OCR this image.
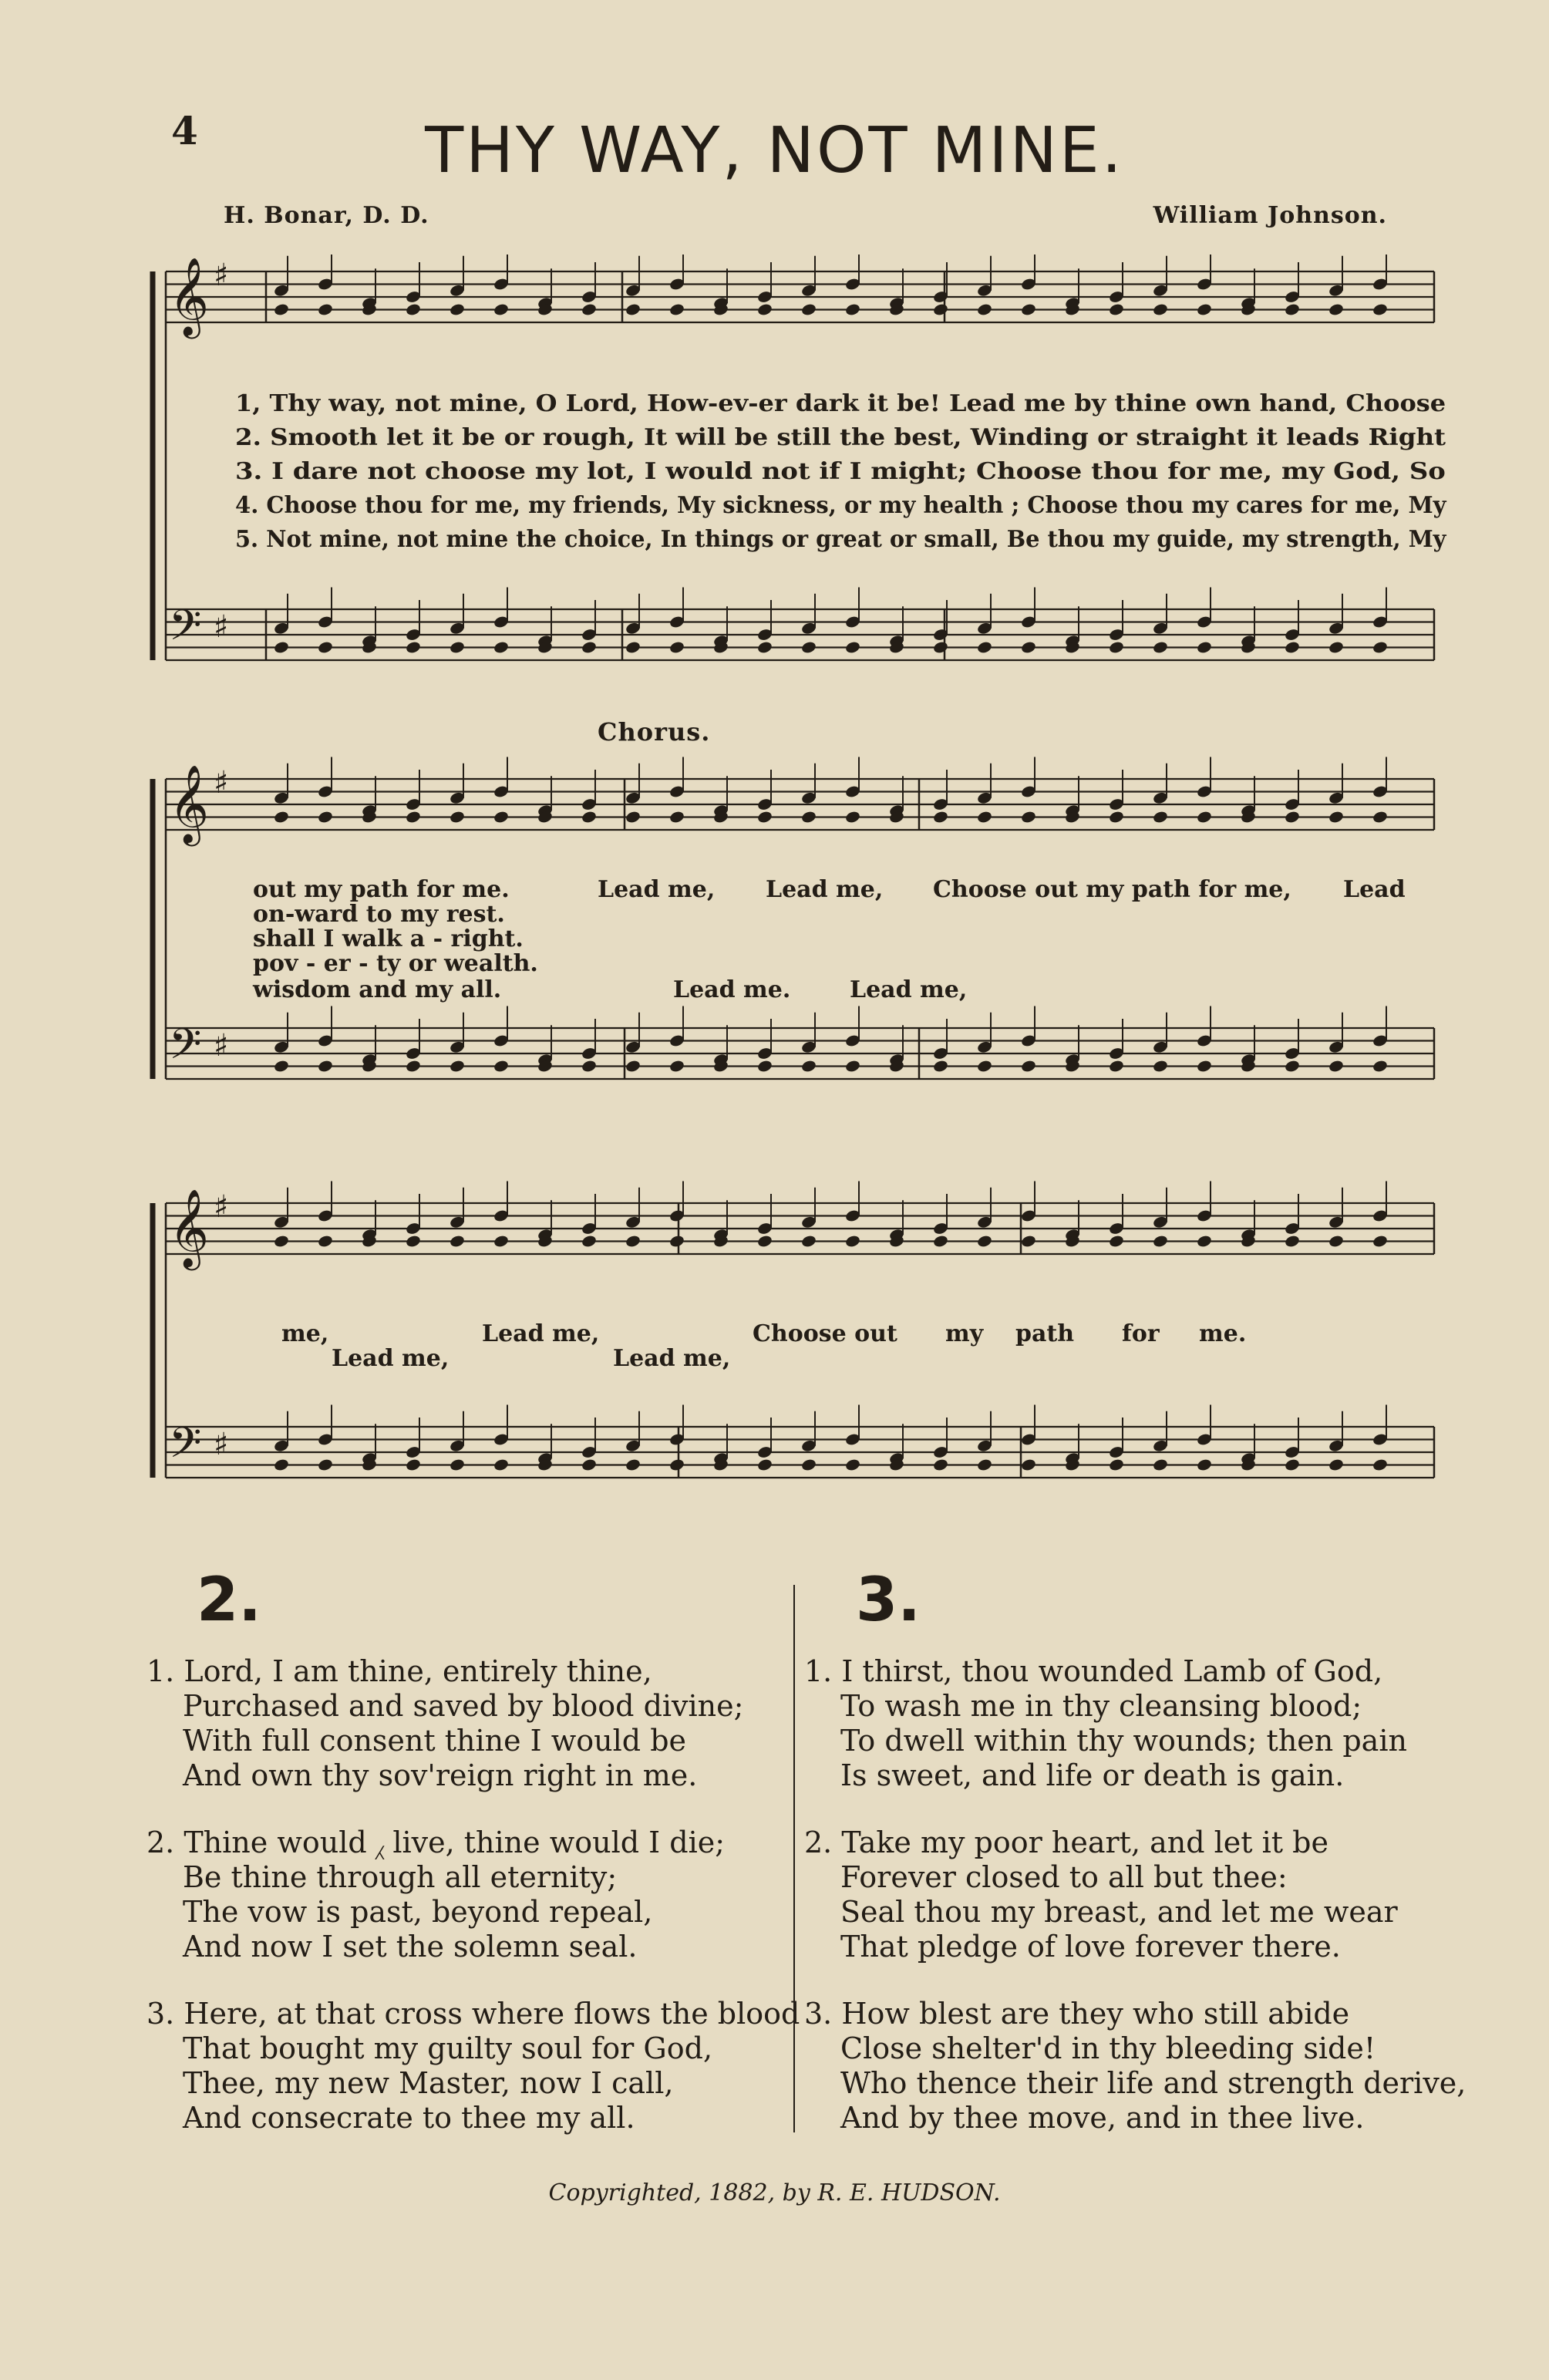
4	THY WAY, NOT MINE.
H. Bonar, D. D.	William Johnson.
𝄞 ♯
𝄢 ♯
𝄞 ♯
𝄢 ♯
𝄞 ♯
𝄢 ♯
1, Thy way, not mine, O Lord, How-ev-er dark it be! Lead me by thine own hand, Choose
2. Smooth let it be or rough, It will be still the best, Winding or straight it leads Right
3. I dare not choose my lot, I would not if I might; Choose thou for me, my God, So
4. Choose thou for me, my friends, My sickness, or my health ; Choose thou my cares for me, My
5. Not mine, not mine the choice, In things or great or small, Be thou my guide, my strength, My
Chorus.
out my path for me.
on-ward to my rest.
shall I walk a - right.
pov - er - ty or wealth.
wisdom and my all.
Lead me, Lead me, Choose out my path for me, Lead
Lead me.	Lead me,
me,	Lead me,	Choose out my path for me.
Lead me,	Lead me,
2.	3.
1. Lord, I am thine, entirely thine,
Purchased and saved by blood divine;
With full consent thine I would be
And own thy sov'reign right in me.
2. Thine would ⁁ live, thine would I die;
Be thine through all eternity;
The vow is past, beyond repeal,
And now I set the solemn seal.
3. Here, at that cross where flows the blood
That bought my guilty soul for God,
Thee, my new Master, now I call,
And consecrate to thee my all.
1. I thirst, thou wounded Lamb of God,
To wash me in thy cleansing blood;
To dwell within thy wounds; then pain
Is sweet, and life or death is gain.
2. Take my poor heart, and let it be
Forever closed to all but thee:
Seal thou my breast, and let me wear
That pledge of love forever there.
3. How blest are they who still abide
Close shelter'd in thy bleeding side!
Who thence their life and strength derive,
And by thee move, and in thee live.
Copyrighted, 1882, by R. E. HUDSON.
